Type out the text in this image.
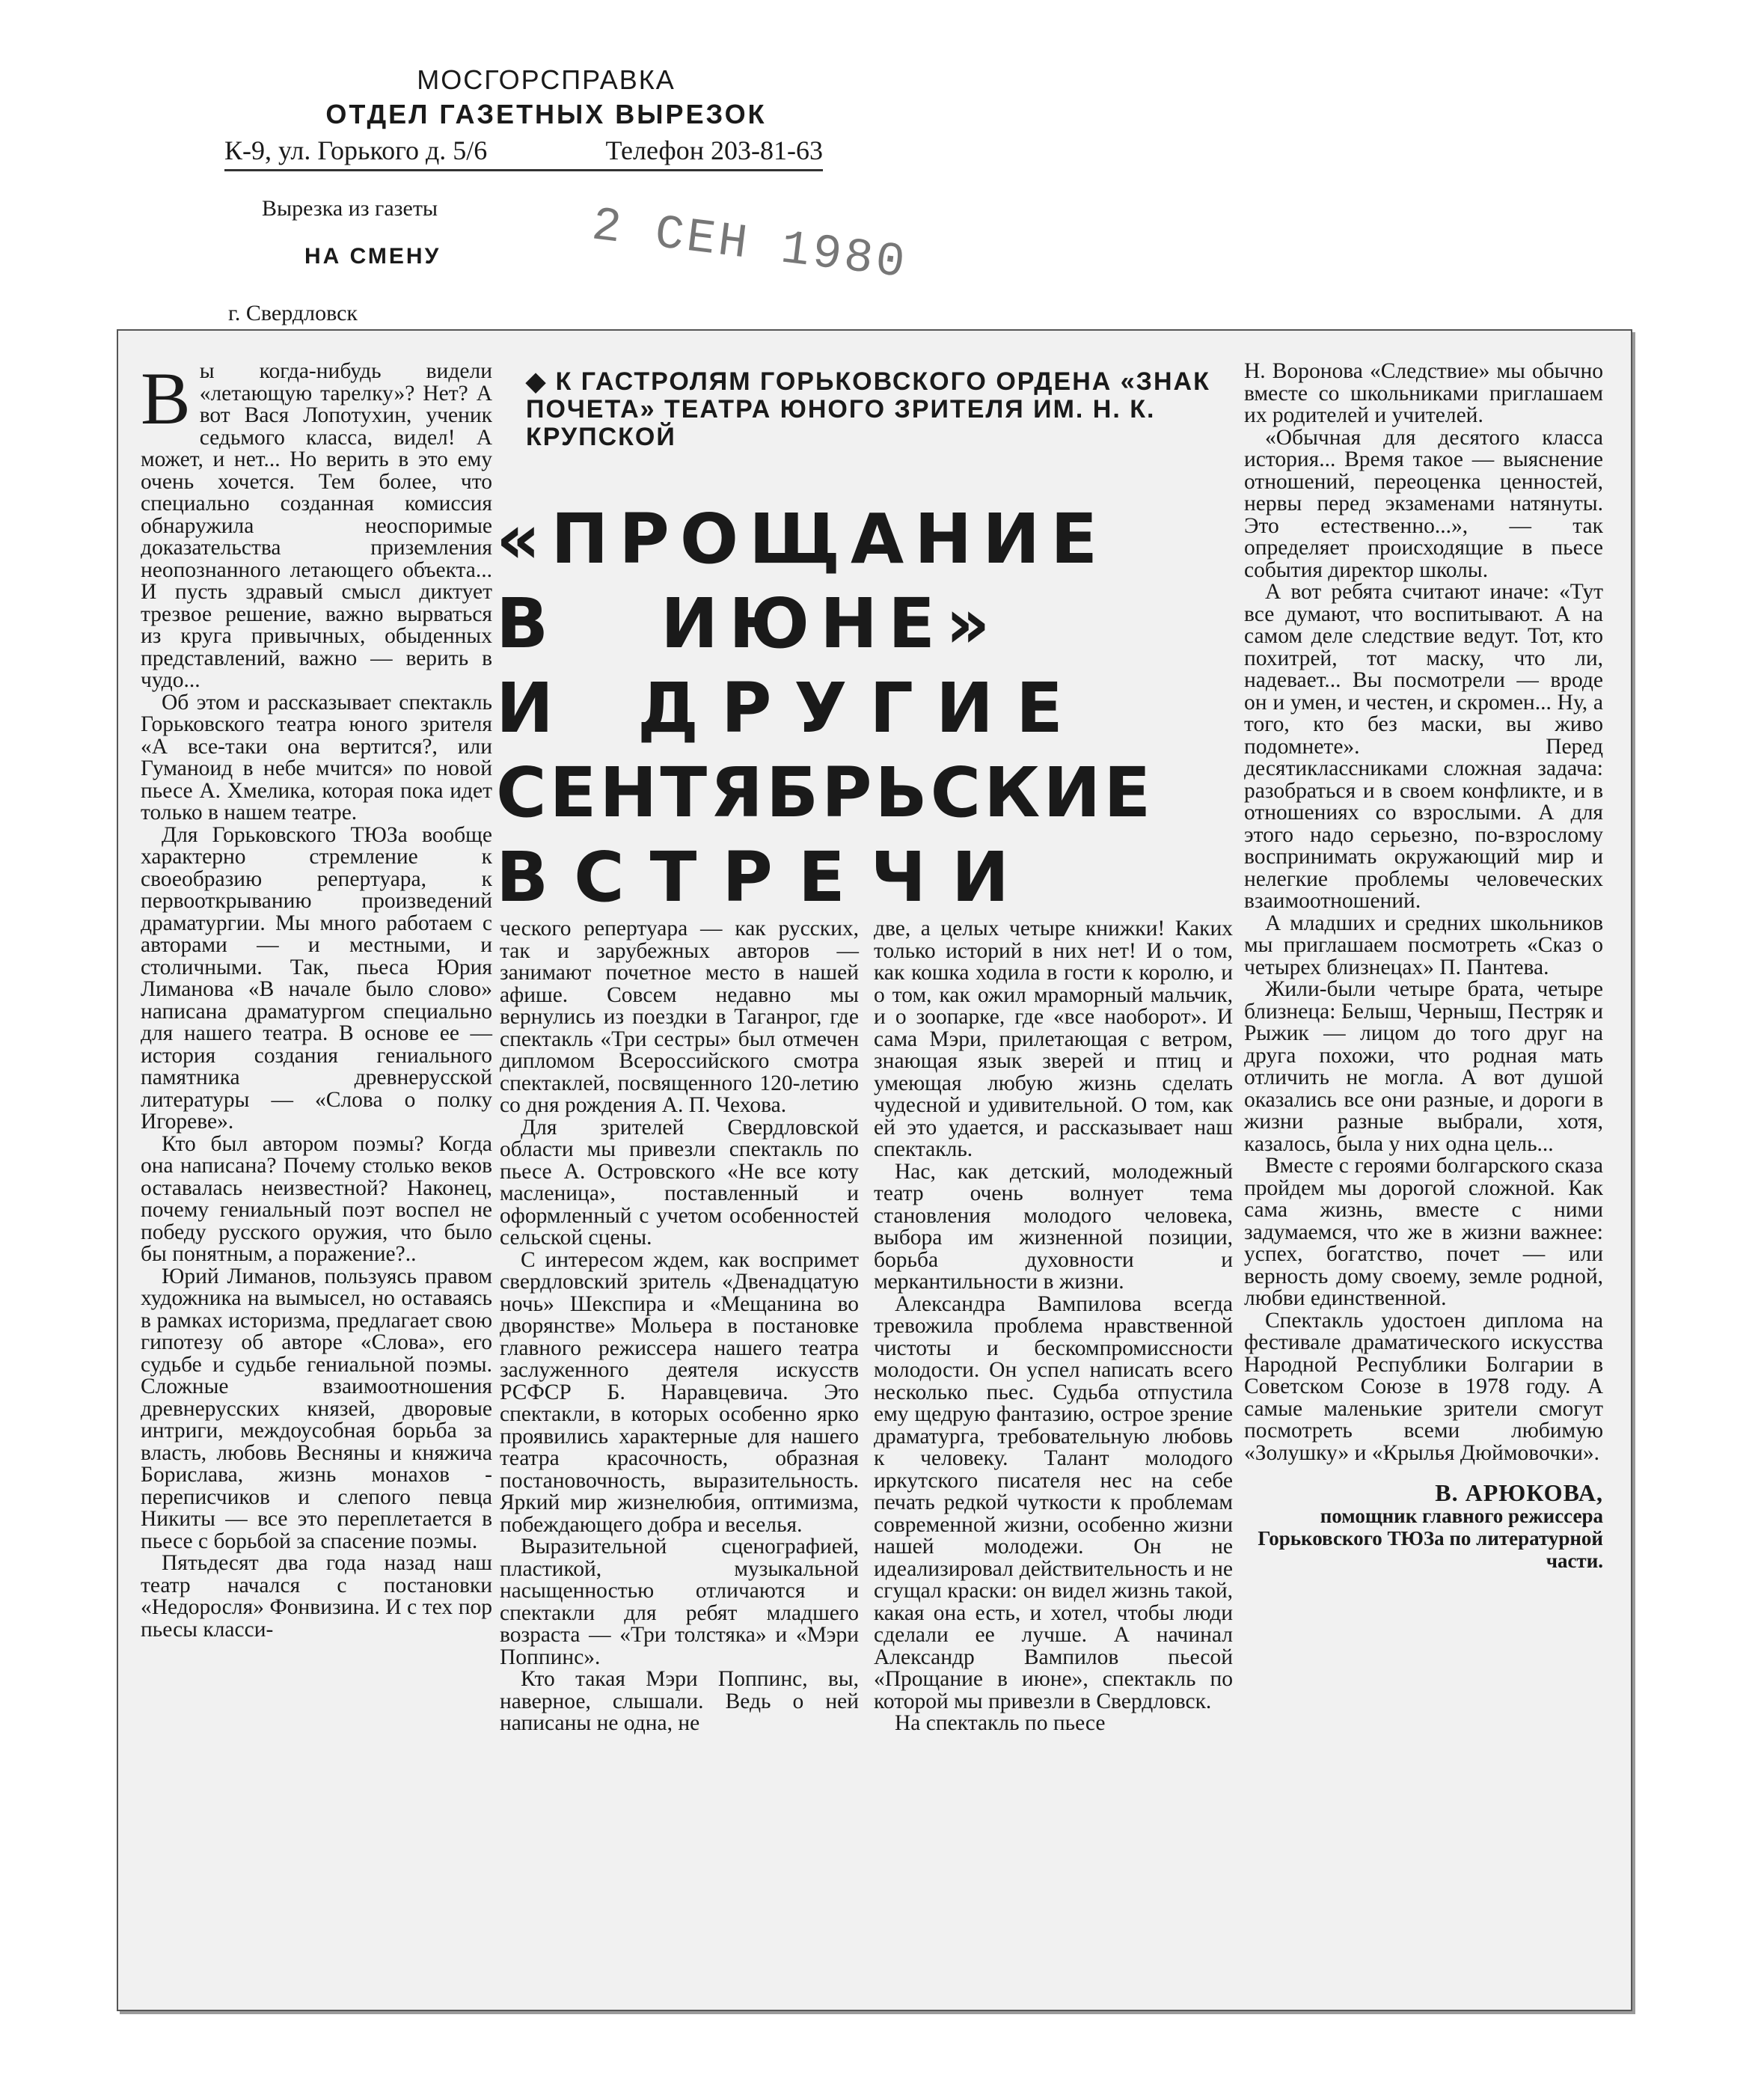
МОСГОРСПРАВКА
ОТДЕЛ ГАЗЕТНЫХ ВЫРЕЗОК
К-9, ул. Горького д. 5/6	Телефон 203-81-63
Вырезка из газеты
НА СМЕНУ
г. Свердловск
2 СЕН 1980
◆ К ГАСТРОЛЯМ ГОРЬКОВСКОГО ОРДЕНА «ЗНАК ПОЧЕТА» ТЕАТРА ЮНОГО ЗРИТЕЛЯ ИМ. Н. К. КРУПСКОЙ
«ПРОЩАНИЕ
В ИЮНЕ»
И ДРУГИЕ
СЕНТЯБРЬСКИЕ
ВСТРЕЧИ

Вы когда-нибудь видели «летающую тарелку»? Нет? А вот Вася Лопотухин, ученик седьмого класса, видел! А может, и нет... Но верить в это ему очень хочется. Тем более, что специально созданная комиссия обнаружила неоспоримые доказательства приземления неопознанного летающего объекта... И пусть здравый смысл диктует трезвое решение, важно вырваться из круга привычных, обыденных представлений, важно — верить в чудо...

Об этом и рассказывает спектакль Горьковского театра юного зрителя «А все-таки она вертится?, или Гуманоид в небе мчится» по новой пьесе А. Хмелика, которая пока идет только в нашем театре.

Для Горьковского ТЮЗа вообще характерно стремление к своеобразию репертуара, к первооткрыванию произведений драматургии. Мы много работаем с авторами — и местными, и столичными. Так, пьеса Юрия Лиманова «В начале было слово» написана драматургом специально для нашего театра. В основе ее — история создания гениального памятника древнерусской литературы — «Слова о полку Игореве».

Кто был автором поэмы? Когда она написана? Почему столько веков оставалась неизвестной? Наконец, почему гениальный поэт воспел не победу русского оружия, что было бы понятным, а поражение?..

Юрий Лиманов, пользуясь правом художника на вымысел, но оставаясь в рамках историзма, предлагает свою гипотезу об авторе «Слова», его судьбе и судьбе гениальной поэмы. Сложные взаимоотношения древнерусских князей, дворовые интриги, междоусобная борьба за власть, любовь Весняны и княжича Борислава, жизнь монахов - переписчиков и слепого певца Никиты — все это переплетается в пьесе с борьбой за спасение поэмы.

Пятьдесят два года назад наш театр начался с постановки «Недоросля» Фонвизина. И с тех пор пьесы класси-

ческого репертуара — как русских, так и зарубежных авторов — занимают почетное место в нашей афише. Совсем недавно мы вернулись из поездки в Таганрог, где спектакль «Три сестры» был отмечен дипломом Всероссийского смотра спектаклей, посвященного 120-летию со дня рождения А. П. Чехова.

Для зрителей Свердловской области мы привезли спектакль по пьесе А. Островского «Не все коту масленица», поставленный и оформленный с учетом особенностей сельской сцены.

С интересом ждем, как воспримет свердловский зритель «Двенадцатую ночь» Шекспира и «Мещанина во дворянстве» Мольера в постановке главного режиссера нашего театра заслуженного деятеля искусств РСФСР Б. Наравцевича. Это спектакли, в которых особенно ярко проявились характерные для нашего театра красочность, образная постановочность, выразительность. Яркий мир жизнелюбия, оптимизма, побеждающего добра и веселья.

Выразительной сценографией, пластикой, музыкальной насыщенностью отличаются и спектакли для ребят младшего возраста — «Три толстяка» и «Мэри Поппинс».

Кто такая Мэри Поппинс, вы, наверное, слышали. Ведь о ней написаны не одна, не

две, а целых четыре книжки! Каких только историй в них нет! И о том, как кошка ходила в гости к королю, и о том, как ожил мраморный мальчик, и о зоопарке, где «все наоборот». И сама Мэри, прилетающая с ветром, знающая язык зверей и птиц и умеющая любую жизнь сделать чудесной и удивительной. О том, как ей это удается, и рассказывает наш спектакль.

Нас, как детский, молодежный театр очень волнует тема становления молодого человека, выбора им жизненной позиции, борьба духовности и меркантильности в жизни.

Александра Вампилова всегда тревожила проблема нравственной чистоты и бескомпромиссности молодости. Он успел написать всего несколько пьес. Судьба отпустила ему щедрую фантазию, острое зрение драматурга, требовательную любовь к человеку. Талант молодого иркутского писателя нес на себе печать редкой чуткости к проблемам современной жизни, особенно жизни нашей молодежи. Он не идеализировал действительность и не сгущал краски: он видел жизнь такой, какая она есть, и хотел, чтобы люди сделали ее лучше. А начинал Александр Вампилов пьесой «Прощание в июне», спектакль по которой мы привезли в Свердловск.

На спектакль по пьесе

Н. Воронова «Следствие» мы обычно вместе со школьниками приглашаем их родителей и учителей.

«Обычная для десятого класса история... Время такое — выяснение отношений, переоценка ценностей, нервы перед экзаменами натянуты. Это естественно...», — так определяет происходящие в пьесе события директор школы.

А вот ребята считают иначе: «Тут все думают, что воспитывают. А на самом деле следствие ведут. Тот, кто похитрей, тот маску, что ли, надевает... Вы посмотрели — вроде он и умен, и честен, и скромен... Ну, а того, кто без маски, вы живо подомнете». Перед десятиклассниками сложная задача: разобраться и в своем конфликте, и в отношениях со взрослыми. А для этого надо серьезно, по-взрослому воспринимать окружающий мир и нелегкие проблемы человеческих взаимоотношений.

А младших и средних школьников мы приглашаем посмотреть «Сказ о четырех близнецах» П. Пантева.

Жили-были четыре брата, четыре близнеца: Белыш, Черныш, Пестряк и Рыжик — лицом до того друг на друга похожи, что родная мать отличить не могла. А вот душой оказались все они разные, и дороги в жизни разные выбрали, хотя, казалось, была у них одна цель...

Вместе с героями болгарского сказа пройдем мы дорогой сложной. Как сама жизнь, вместе с ними задумаемся, что же в жизни важнее: успех, богатство, почет — или верность дому своему, земле родной, любви единственной.

Спектакль удостоен диплома на фестивале драматического искусства Народной Республики Болгарии в Советском Союзе в 1978 году. А самые маленькие зрители смогут посмотреть всеми любимую «Золушку» и «Крылья Дюймовочки».

В. АРЮКОВА,
помощник главного режиссера Горьковского ТЮЗа по литературной части.
